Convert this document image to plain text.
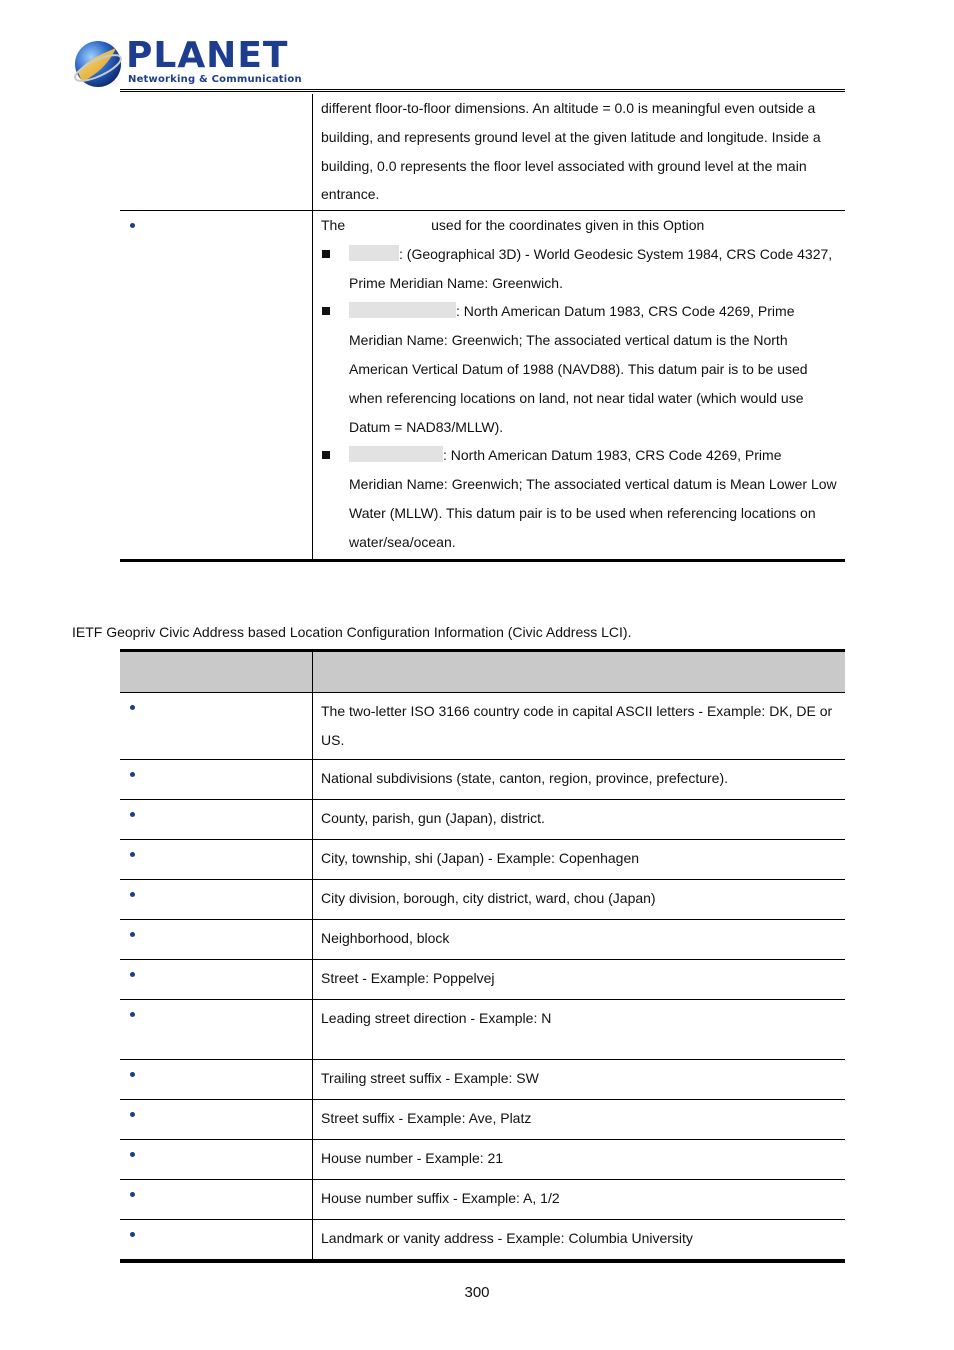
PLANET
Networking & Communication
	different floor-to-floor dimensions. An altitude = 0.0 is meaningful even outside a building, and represents ground level at the given latitude and longitude. Inside a building, 0.0 represents the floor level associated with ground level at the main entrance.

	The used for the coordinates given in this Option
: (Geographical 3D) - World Geodesic System 1984, CRS Code 4327, Prime Meridian Name: Greenwich.
: North American Datum 1983, CRS Code 4269, Prime Meridian Name: Greenwich; The associated vertical datum is the North American Vertical Datum of 1988 (NAVD88). This datum pair is to be used when referencing locations on land, not near tidal water (which would use Datum = NAD83/MLLW).
: North American Datum 1983, CRS Code 4269, Prime Meridian Name: Greenwich; The associated vertical datum is Mean Lower Low Water (MLLW). This datum pair is to be used when referencing locations on water/sea/ocean.
IETF Geopriv Civic Address based Location Configuration Information (Civic Address LCI).

	The two-letter ISO 3166 country code in capital ASCII letters - Example: DK, DE or US.
	National subdivisions (state, canton, region, province, prefecture).
	County, parish, gun (Japan), district.
	City, township, shi (Japan) - Example: Copenhagen
	City division, borough, city district, ward, chou (Japan)
	Neighborhood, block
	Street - Example: Poppelvej
	Leading street direction - Example: N
	Trailing street suffix - Example: SW
	Street suffix - Example: Ave, Platz
	House number - Example: 21
	House number suffix - Example: A, 1/2
	Landmark or vanity address - Example: Columbia University
300
